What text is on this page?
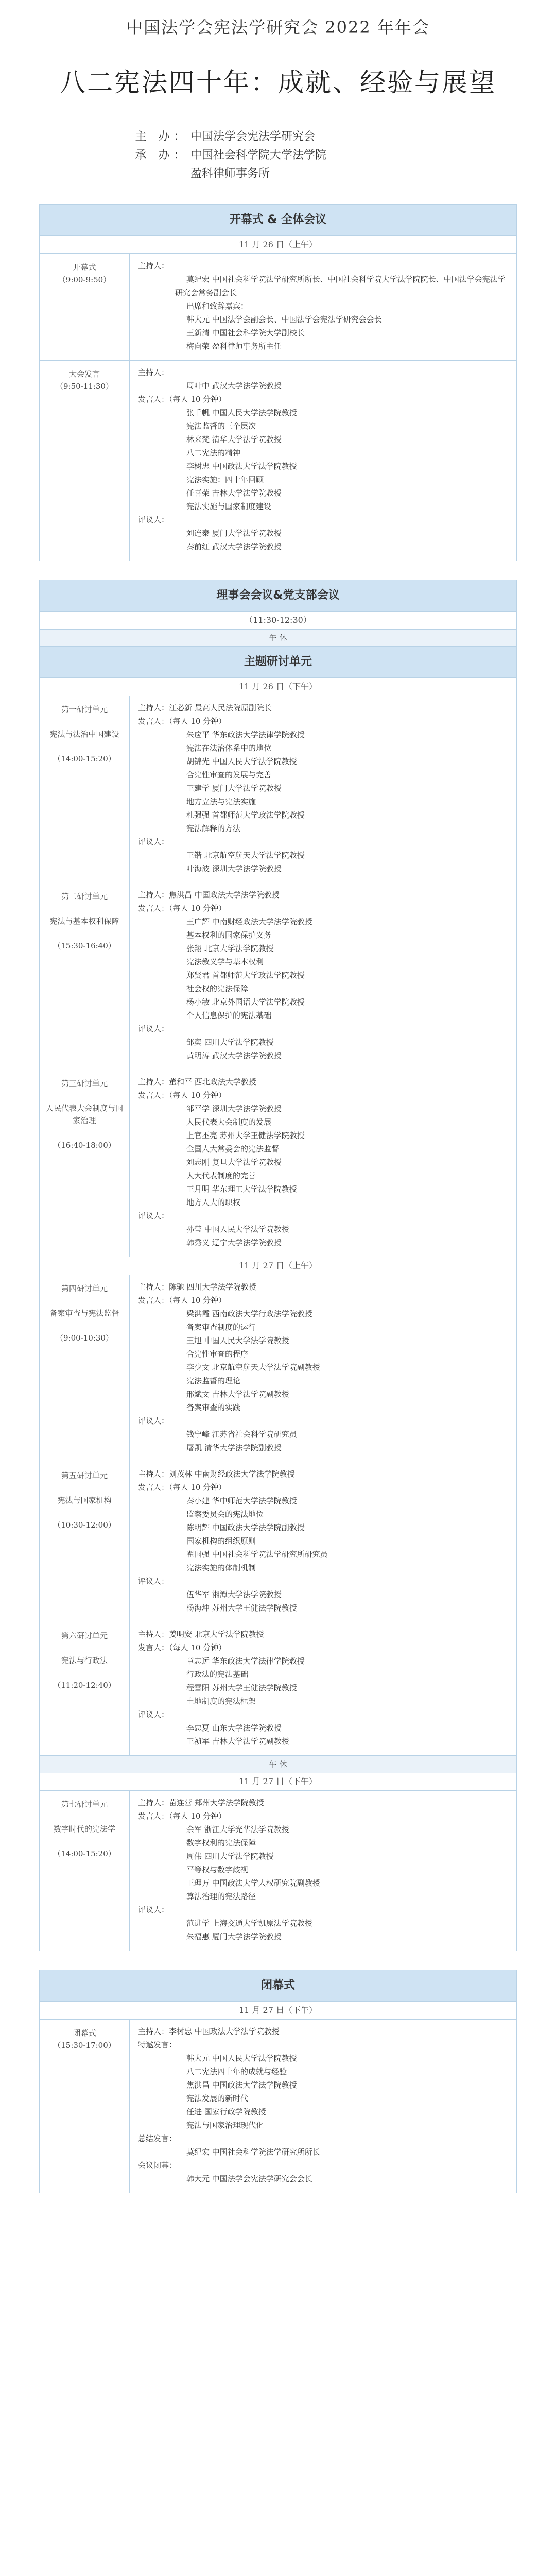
中国法学会宪法学研究会 2022 年年会
八二宪法四十年：成就、经验与展望
主 办： 中国法学会宪法学研究会
承 办： 中国社会科学院大学法学院
盈科律师事务所
开幕式 & 全体会议
11 月 26 日（上午）
开幕式
（9:00-9:50）
主持人：
莫纪宏 中国社会科学院法学研究所所长、中国社会科学院大学法学院院长、中国法学会宪法学研究会常务副会长
出席和致辞嘉宾：
韩大元 中国法学会副会长、中国法学会宪法学研究会会长
王新清 中国社会科学院大学副校长
梅向荣 盈科律师事务所主任
大会发言
（9:50-11:30）
主持人：
周叶中 武汉大学法学院教授
发言人：（每人 10 分钟）
张千帆 中国人民大学法学院教授
宪法监督的三个层次
林来梵 清华大学法学院教授
八二宪法的精神
李树忠 中国政法大学法学院教授
宪法实施：四十年回顾
任喜荣 吉林大学法学院教授
宪法实施与国家制度建设
评议人：
刘连泰 厦门大学法学院教授
秦前红 武汉大学法学院教授
理事会会议&党支部会议
（11:30-12:30）
午 休
主题研讨单元
11 月 26 日（下午）
第一研讨单元

宪法与法治中国建设

（14:00-15:20）
主持人：江必新 最高人民法院原副院长
发言人：（每人 10 分钟）
朱应平 华东政法大学法律学院教授
宪法在法治体系中的地位
胡锦光 中国人民大学法学院教授
合宪性审查的发展与完善
王建学 厦门大学法学院教授
地方立法与宪法实施
杜强强 首都师范大学政法学院教授
宪法解释的方法
评议人：
王锴 北京航空航天大学法学院教授
叶海波 深圳大学法学院教授
第二研讨单元

宪法与基本权利保障

（15:30-16:40）
主持人：焦洪昌 中国政法大学法学院教授
发言人：（每人 10 分钟）
王广辉 中南财经政法大学法学院教授
基本权利的国家保护义务
张翔 北京大学法学院教授
宪法教义学与基本权利
郑贤君 首都师范大学政法学院教授
社会权的宪法保障
杨小敏 北京外国语大学法学院教授
个人信息保护的宪法基础
评议人：
邹奕 四川大学法学院教授
黄明涛 武汉大学法学院教授
第三研讨单元

人民代表大会制度与国家治理

（16:40-18:00）
主持人：董和平 西北政法大学教授
发言人：（每人 10 分钟）
邹平学 深圳大学法学院教授
人民代表大会制度的发展
上官丕亮 苏州大学王健法学院教授
全国人大常委会的宪法监督
刘志刚 复旦大学法学院教授
人大代表制度的完善
王月明 华东理工大学法学院教授
地方人大的职权
评议人：
孙莹 中国人民大学法学院教授
韩秀义 辽宁大学法学院教授
11 月 27 日（上午）
第四研讨单元

备案审查与宪法监督

（9:00-10:30）
主持人：陈驰 四川大学法学院教授
发言人：（每人 10 分钟）
梁洪霞 西南政法大学行政法学院教授
备案审查制度的运行
王旭 中国人民大学法学院教授
合宪性审查的程序
李少文 北京航空航天大学法学院副教授
宪法监督的理论
邢斌文 吉林大学法学院副教授
备案审查的实践
评议人：
钱宁峰 江苏省社会科学院研究员
屠凯 清华大学法学院副教授
第五研讨单元

宪法与国家机构

（10:30-12:00）
主持人：刘茂林 中南财经政法大学法学院教授
发言人：（每人 10 分钟）
秦小建 华中师范大学法学院教授
监察委员会的宪法地位
陈明辉 中国政法大学法学院副教授
国家机构的组织原则
翟国强 中国社会科学院法学研究所研究员
宪法实施的体制机制
评议人：
伍华军 湘潭大学法学院教授
杨海坤 苏州大学王健法学院教授
第六研讨单元

宪法与行政法

（11:20-12:40）
主持人：姜明安 北京大学法学院教授
发言人：（每人 10 分钟）
章志远 华东政法大学法律学院教授
行政法的宪法基础
程雪阳 苏州大学王健法学院教授
土地制度的宪法框架
评议人：
李忠夏 山东大学法学院教授
王祯军 吉林大学法学院副教授
午 休
11 月 27 日（下午）
第七研讨单元

数字时代的宪法学

（14:00-15:20）
主持人：苗连营 郑州大学法学院教授
发言人：（每人 10 分钟）
余军 浙江大学光华法学院教授
数字权利的宪法保障
周伟 四川大学法学院教授
平等权与数字歧视
王理万 中国政法大学人权研究院副教授
算法治理的宪法路径
评议人：
范进学 上海交通大学凯原法学院教授
朱福惠 厦门大学法学院教授
闭幕式
11 月 27 日（下午）
闭幕式
（15:30-17:00）
主持人：李树忠 中国政法大学法学院教授
特邀发言：
韩大元 中国人民大学法学院教授
八二宪法四十年的成就与经验
焦洪昌 中国政法大学法学院教授
宪法发展的新时代
任进 国家行政学院教授
宪法与国家治理现代化
总结发言：
莫纪宏 中国社会科学院法学研究所所长
会议闭幕：
韩大元 中国法学会宪法学研究会会长
